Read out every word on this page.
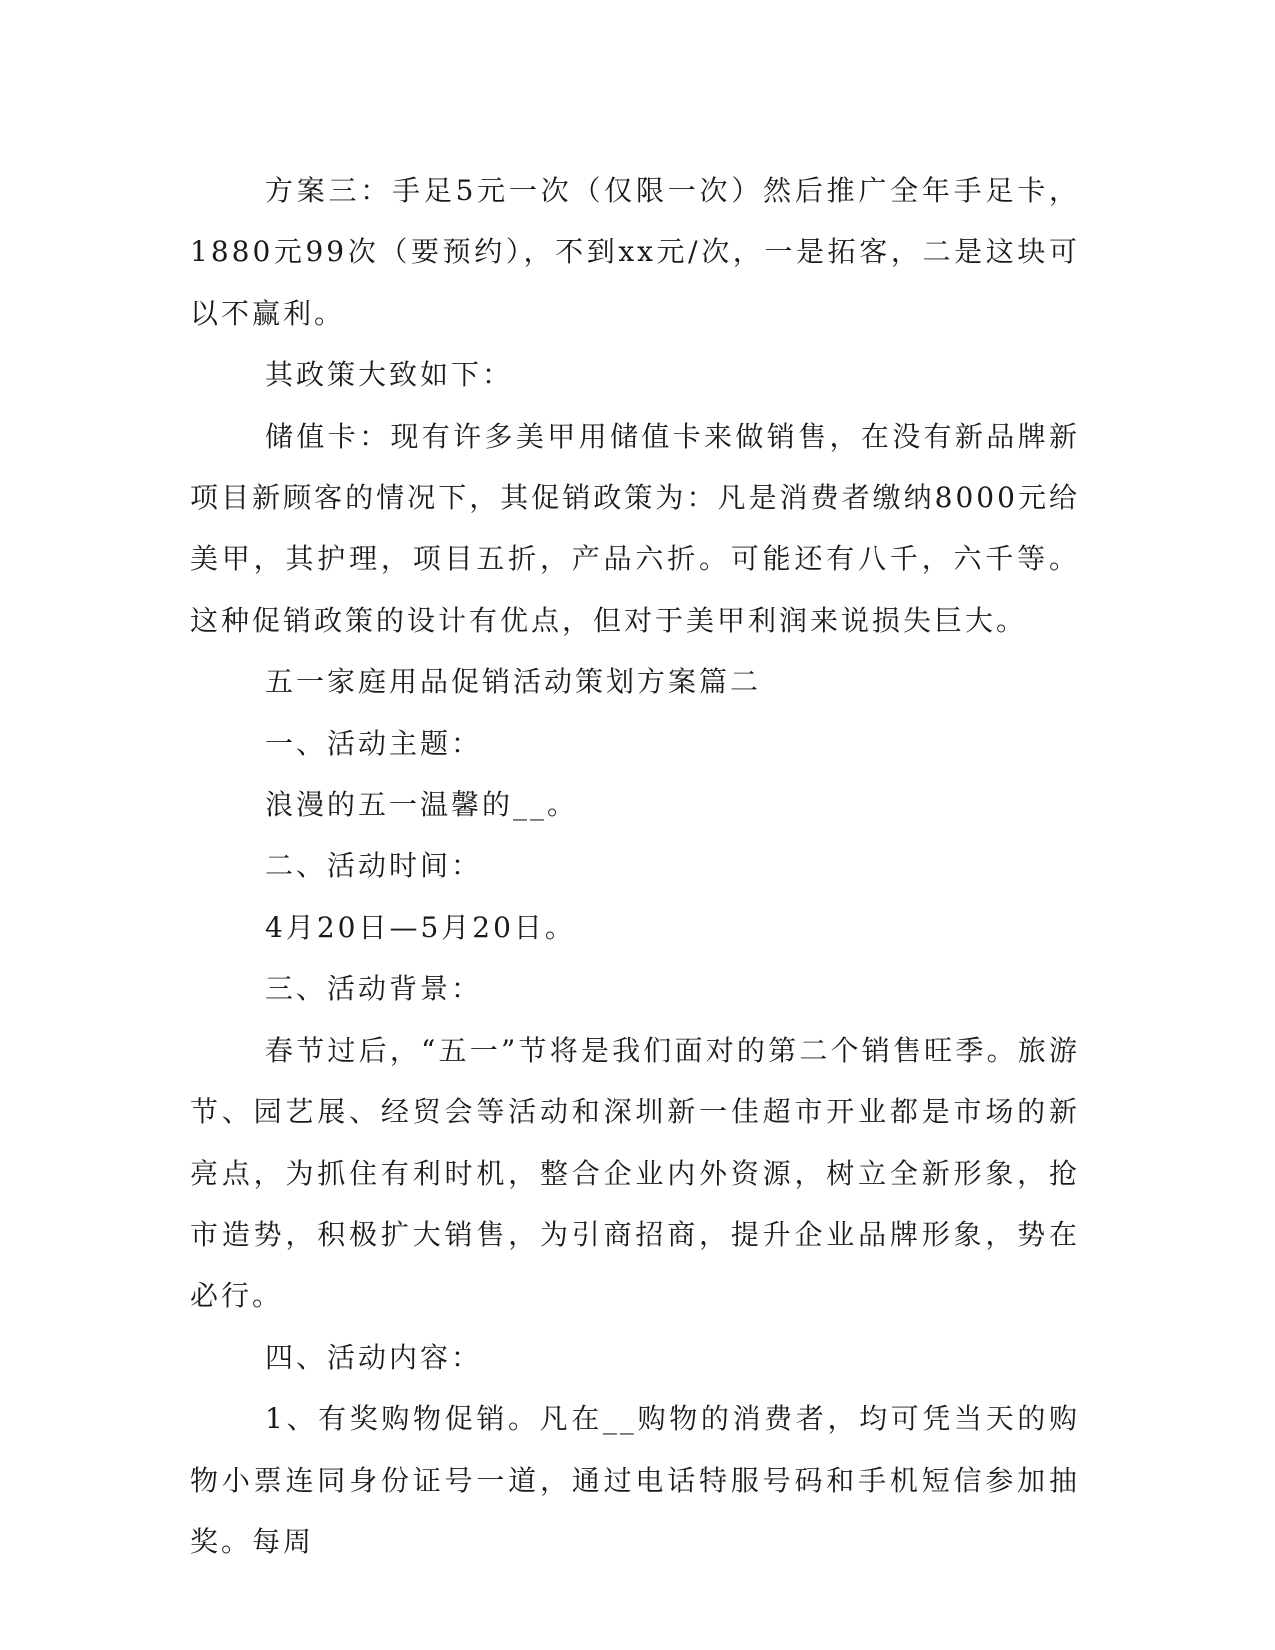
方案三：手足5元一次（仅限一次）然后推广全年手足卡，1880元99次（要预约），不到xx元/次，一是拓客，二是这块可以不赢利。

其政策大致如下：

储值卡：现有许多美甲用储值卡来做销售，在没有新品牌新项目新顾客的情况下，其促销政策为：凡是消费者缴纳8000元给美甲，其护理，项目五折，产品六折。可能还有八千，六千等。这种促销政策的设计有优点，但对于美甲利润来说损失巨大。

五一家庭用品促销活动策划方案篇二

一、活动主题：

浪漫的五一温馨的__。

二、活动时间：

4月20日—5月20日。

三、活动背景：

春节过后，“五一”节将是我们面对的第二个销售旺季。旅游节、园艺展、经贸会等活动和深圳新一佳超市开业都是市场的新亮点，为抓住有利时机，整合企业内外资源，树立全新形象，抢市造势，积极扩大销售，为引商招商，提升企业品牌形象，势在必行。

四、活动内容：

1、有奖购物促销。凡在__购物的消费者，均可凭当天的购物小票连同身份证号一道，通过电话特服号码和手机短信参加抽奖。每周
